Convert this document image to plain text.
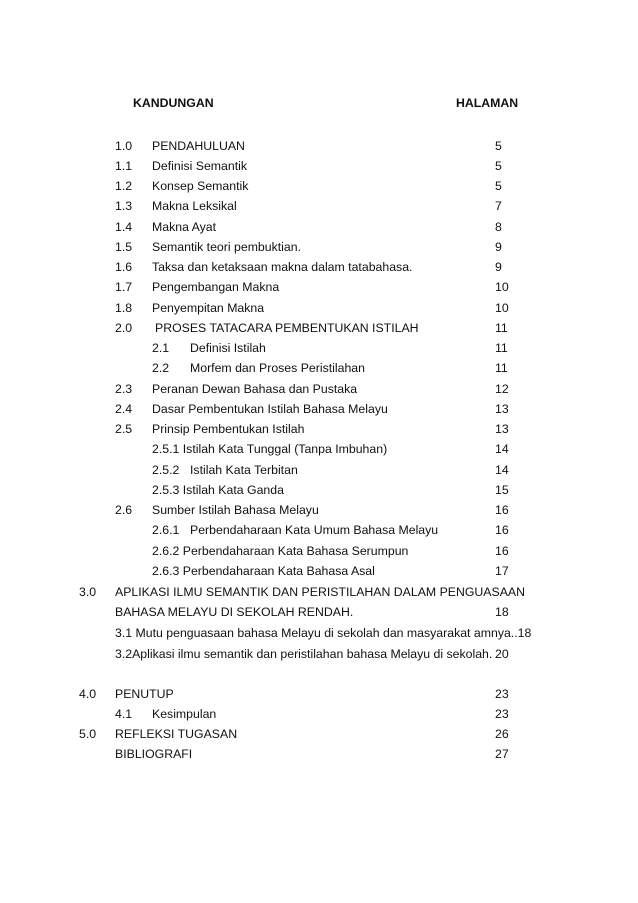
KANDUNGAN	HALAMAN
1.0 PENDAHULUAN	5
1.1 Definisi Semantik	5
1.2 Konsep Semantik	5
1.3 Makna Leksikal	7
1.4 Makna Ayat	8
1.5 Semantik teori pembuktian.	9
1.6 Taksa dan ketaksaan makna dalam tatabahasa.	9
1.7 Pengembangan Makna	10
1.8 Penyempitan Makna	10
2.0 PROSES TATACARA PEMBENTUKAN ISTILAH	11
2.1 Definisi Istilah	11
2.2 Morfem dan Proses Peristilahan	11
2.3 Peranan Dewan Bahasa dan Pustaka	12
2.4 Dasar Pembentukan Istilah Bahasa Melayu	13
2.5 Prinsip Pembentukan Istilah	13
2.5.1 Istilah Kata Tunggal (Tanpa Imbuhan)	14
2.5.2 Istilah Kata Terbitan	14
2.5.3 Istilah Kata Ganda	15
2.6 Sumber Istilah Bahasa Melayu	16
2.6.1 Perbendaharaan Kata Umum Bahasa Melayu	16
2.6.2 Perbendaharaan Kata Bahasa Serumpun	16
2.6.3 Perbendaharaan Kata Bahasa Asal	17
3.0 APLIKASI ILMU SEMANTIK DAN PERISTILAHAN DALAM PENGUASAAN
BAHASA MELAYU DI SEKOLAH RENDAH.	18
3.1 Mutu penguasaan bahasa Melayu di sekolah dan masyarakat amnya..18
3.2Aplikasi ilmu semantik dan peristilahan bahasa Melayu di sekolah. 20
4.0 PENUTUP	23
4.1 Kesimpulan	23
5.0 REFLEKSI TUGASAN	26
BIBLIOGRAFI	27
